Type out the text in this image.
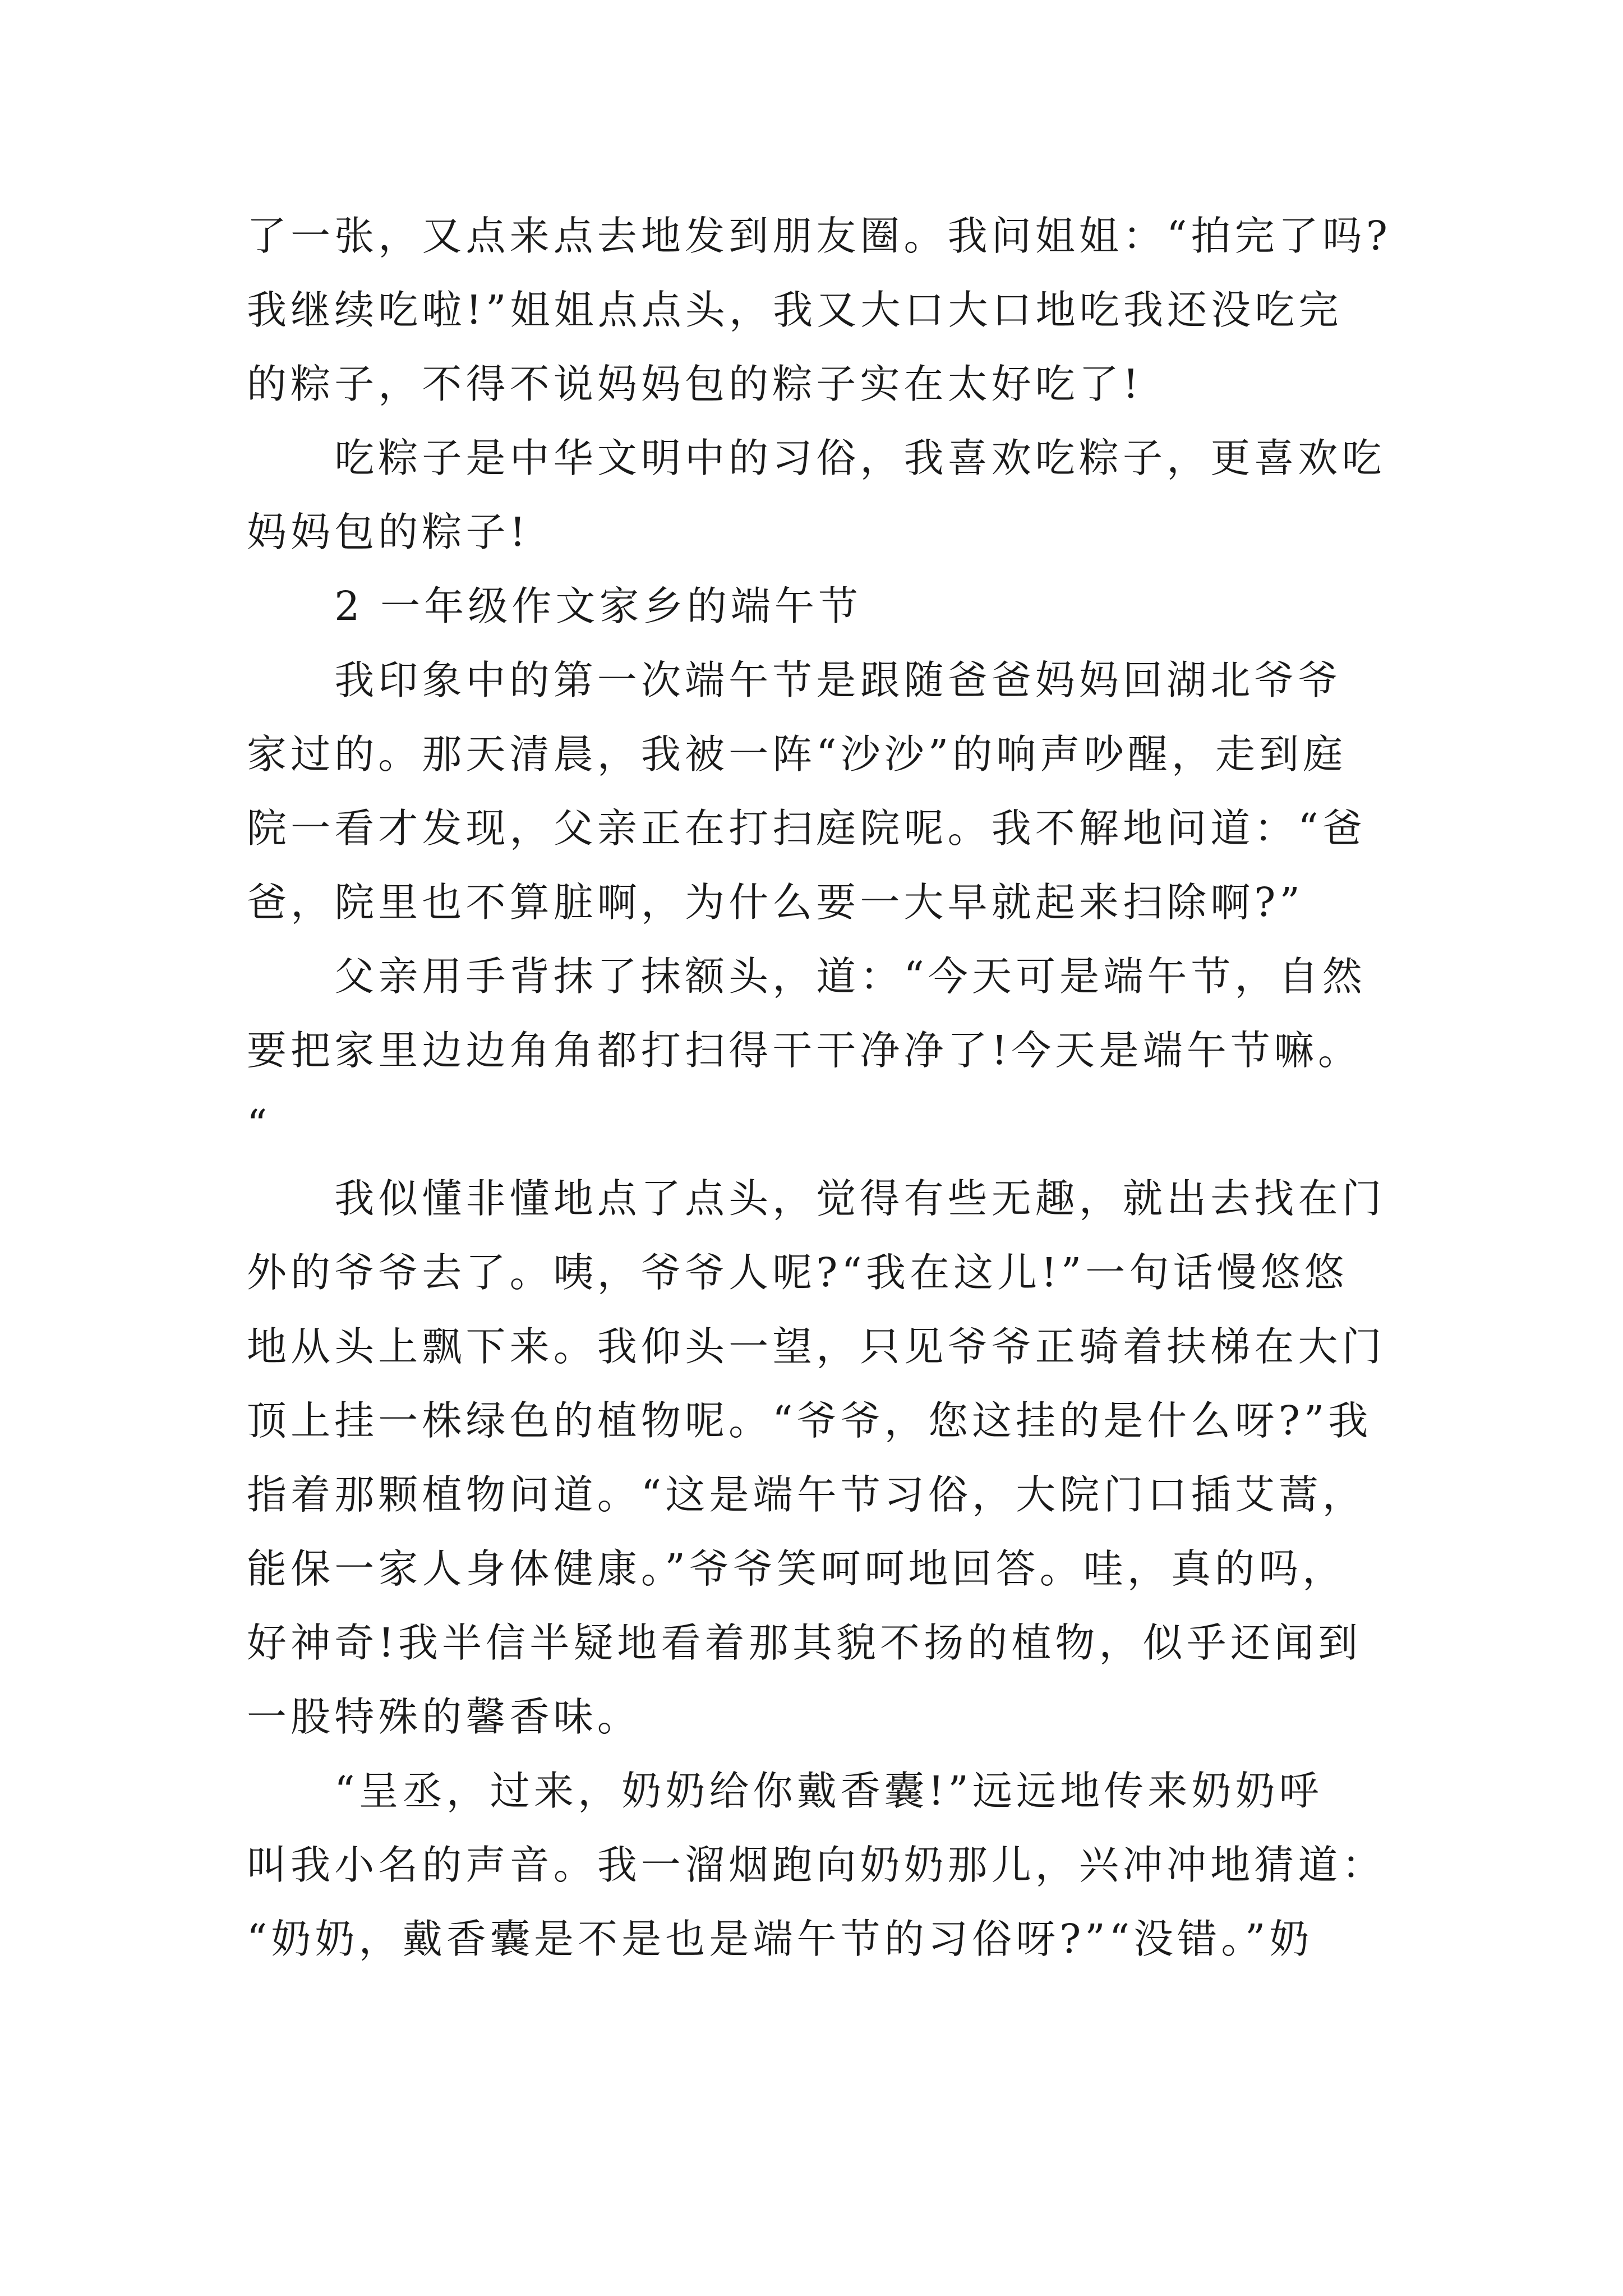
了一张，又点来点去地发到朋友圈。我问姐姐：“拍完了吗?
我继续吃啦!”姐姐点点头，我又大口大口地吃我还没吃完
的粽子，不得不说妈妈包的粽子实在太好吃了!

吃粽子是中华文明中的习俗，我喜欢吃粽子，更喜欢吃
妈妈包的粽子!

2 一年级作文家乡的端午节

我印象中的第一次端午节是跟随爸爸妈妈回湖北爷爷
家过的。那天清晨，我被一阵“沙沙”的响声吵醒，走到庭
院一看才发现，父亲正在打扫庭院呢。我不解地问道：“爸
爸，院里也不算脏啊，为什么要一大早就起来扫除啊?”

父亲用手背抹了抹额头，道：“今天可是端午节，自然
要把家里边边角角都打扫得干干净净了!今天是端午节嘛。
“

我似懂非懂地点了点头，觉得有些无趣，就出去找在门
外的爷爷去了。咦，爷爷人呢?“我在这儿!”一句话慢悠悠
地从头上飘下来。我仰头一望，只见爷爷正骑着扶梯在大门
顶上挂一株绿色的植物呢。“爷爷，您这挂的是什么呀?”我
指着那颗植物问道。“这是端午节习俗，大院门口插艾蒿，
能保一家人身体健康。”爷爷笑呵呵地回答。哇，真的吗，
好神奇!我半信半疑地看着那其貌不扬的植物，似乎还闻到
一股特殊的馨香味。

“呈丞，过来，奶奶给你戴香囊!”远远地传来奶奶呼
叫我小名的声音。我一溜烟跑向奶奶那儿，兴冲冲地猜道：
“奶奶，戴香囊是不是也是端午节的习俗呀?”“没错。”奶
